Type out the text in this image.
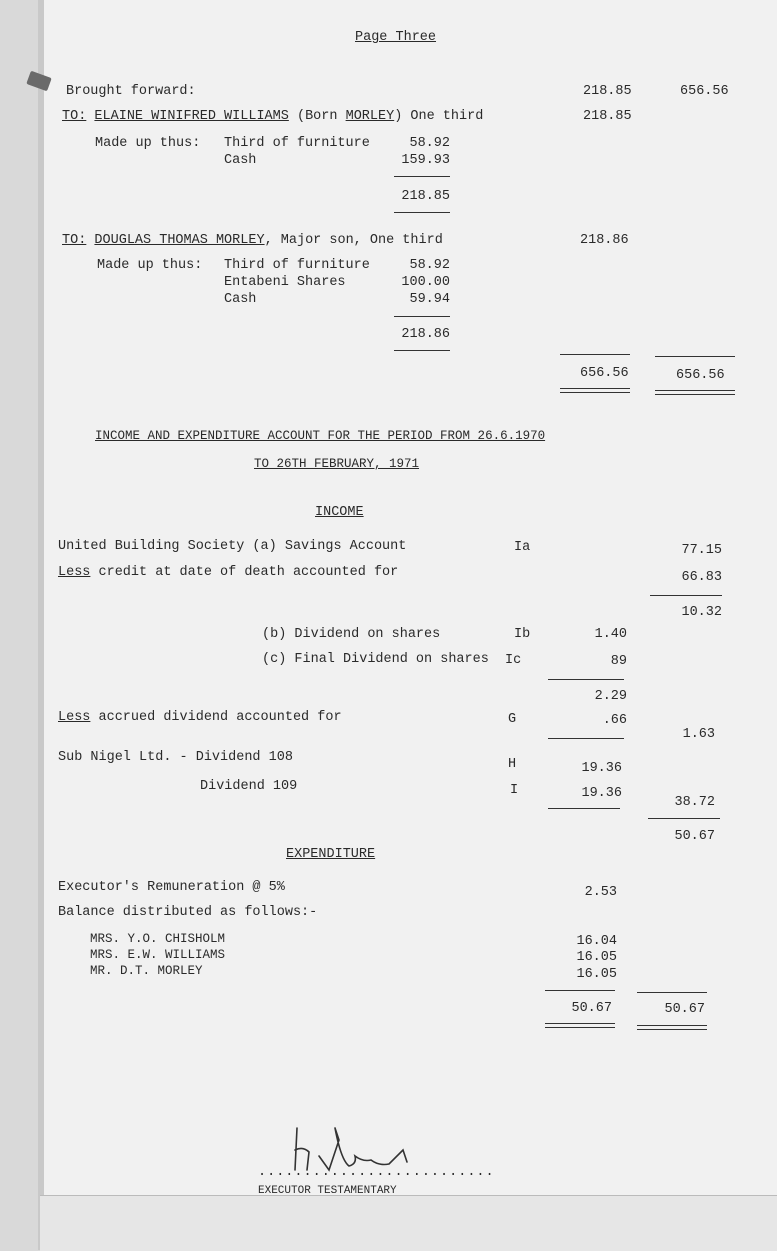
Page Three
Brought forward:	218.85	656.56
TO: ELAINE WINIFRED WILLIAMS (Born MORLEY) One third	218.85
Made up thus: Third of furniture	58.92
Cash	159.93
218.85
TO: DOUGLAS THOMAS MORLEY, Major son, One third	218.86
Made up thus: Third of furniture	58.92
Entabeni Shares	100.00
Cash	59.94
218.86
656.56	656.56
INCOME AND EXPENDITURE ACCOUNT FOR THE PERIOD FROM 26.6.1970
TO 26TH FEBRUARY, 1971
INCOME
United Building Society (a) Savings Account	Ia	77.15
Less credit at date of death accounted for	66.83
10.32
(b) Dividend on shares	Ib	1.40
(c) Final Dividend on shares Ic	89
2.29
Less accrued dividend accounted for	G	.66
1.63
Sub Nigel Ltd. - Dividend 108	H	19.36
Dividend 109	I	19.36
38.72
50.67
EXPENDITURE
Executor's Remuneration @ 5%	2.53
Balance distributed as follows:-
MRS. Y.O. CHISHOLM	16.04
MRS. E.W. WILLIAMS	16.05
MR. D.T. MORLEY	16.05
50.67	50.67
..........................
EXECUTOR TESTAMENTARY
